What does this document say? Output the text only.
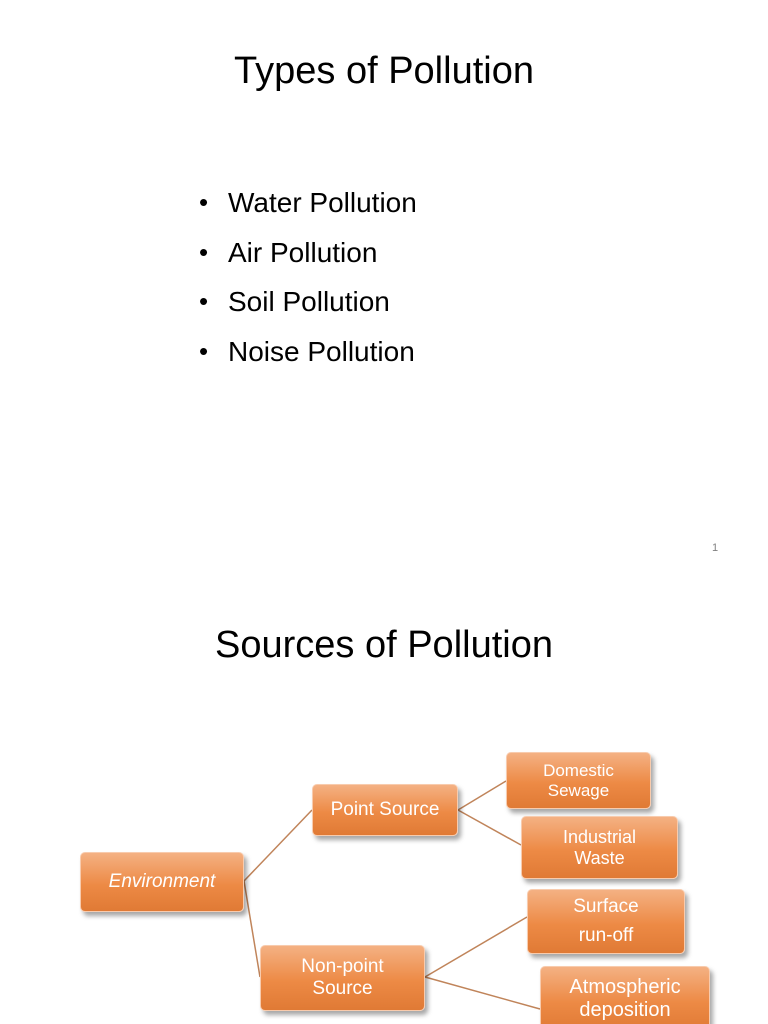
Types of Pollution
• Water Pollution
• Air Pollution
• Soil Pollution
• Noise Pollution
1
Sources of Pollution
Environment
Point Source
Non-point
Source
Domestic
Sewage
Industrial
Waste
Surface
run-off
Atmospheric
deposition
